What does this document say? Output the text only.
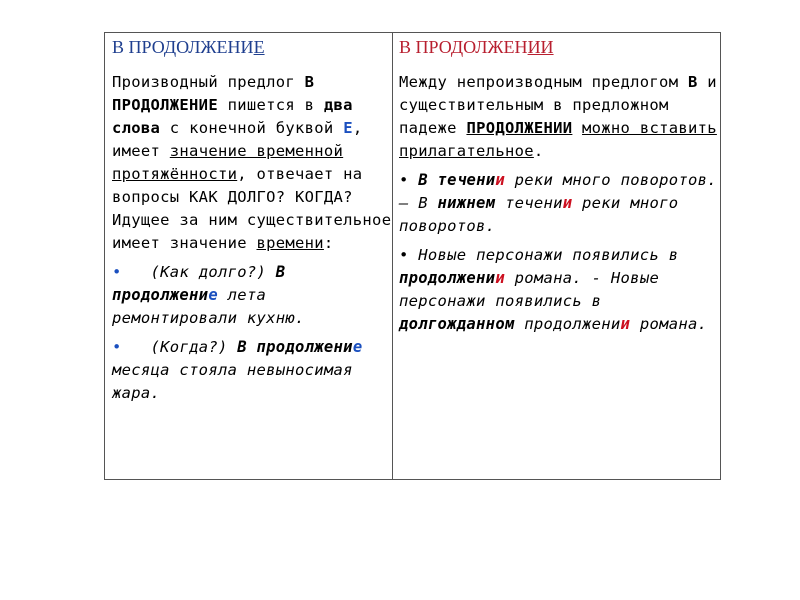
В ПРОДОЛЖЕНИЕ

Производный предлог В ПРОДОЛЖЕНИЕ пишется в два слова с конечной буквой Е, имеет значение временной протяжённости, отвечает на вопросы КАК ДОЛГО? КОГДА? Идущее за ним существительное имеет значение времени:

• (Как долго?) В продолжение лета ремонтировали кухню.

• (Когда?) В продолжение месяца стояла невыносимая жара.

В ПРОДОЛЖЕНИИ

Между непроизводным предлогом В и существительным в предложном падеже ПРОДОЛЖЕНИИ можно вставить прилагательное.

• В течении реки много поворотов. – В нижнем течении реки много поворотов.

• Новые персонажи появились в продолжении романа. - Новые персонажи появились в долгожданном продолжении романа.
